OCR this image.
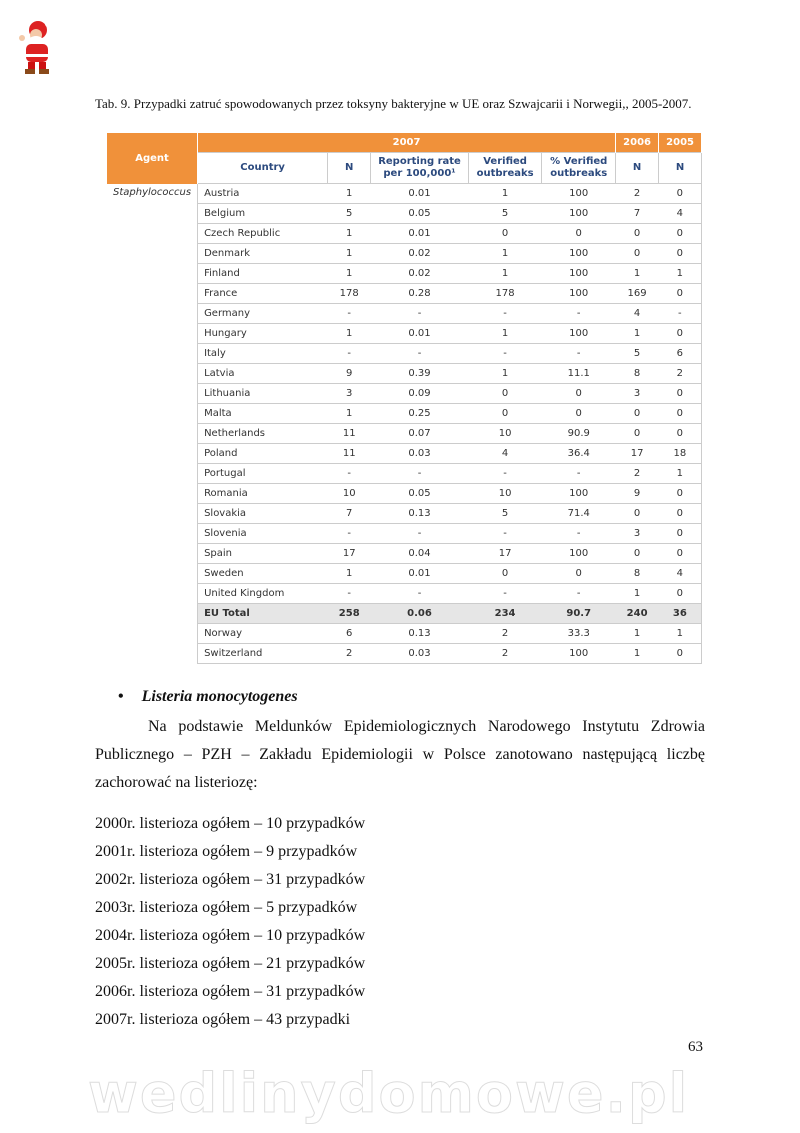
Tab. 9. Przypadki zatruć spowodowanych przez toksyny bakteryjne w UE oraz Szwajcarii i Norwegii,, 2005-2007.
Agent	2007					2006	2005
	Country	N	Reporting rate per 100,000¹	Verified outbreaks	% Verified outbreaks	N	N
Staphylococcus	Austria	1	0.01	1	100	2	0
	Belgium	5	0.05	5	100	7	4
	Czech Republic	1	0.01	0	0	0	0
	Denmark	1	0.02	1	100	0	0
	Finland	1	0.02	1	100	1	1
	France	178	0.28	178	100	169	0
	Germany	-	-	-	-	4	-
	Hungary	1	0.01	1	100	1	0
	Italy	-	-	-	-	5	6
	Latvia	9	0.39	1	11.1	8	2
	Lithuania	3	0.09	0	0	3	0
	Malta	1	0.25	0	0	0	0
	Netherlands	11	0.07	10	90.9	0	0
	Poland	11	0.03	4	36.4	17	18
	Portugal	-	-	-	-	2	1
	Romania	10	0.05	10	100	9	0
	Slovakia	7	0.13	5	71.4	0	0
	Slovenia	-	-	-	-	3	0
	Spain	17	0.04	17	100	0	0
	Sweden	1	0.01	0	0	8	4
	United Kingdom	-	-	-	-	1	0
	EU Total	258	0.06	234	90.7	240	36
	Norway	6	0.13	2	33.3	1	1
	Switzerland	2	0.03	2	100	1	0
• Listeria monocytogenes
Na podstawie Meldunków Epidemiologicznych Narodowego Instytutu Zdrowia Publicznego – PZH – Zakładu Epidemiologii w Polsce zanotowano następującą liczbę zachorować na listeriozę:
2000r. listerioza ogółem – 10 przypadków
2001r. listerioza ogółem – 9 przypadków
2002r. listerioza ogółem – 31 przypadków
2003r. listerioza ogółem – 5 przypadków
2004r. listerioza ogółem – 10 przypadków
2005r. listerioza ogółem – 21 przypadków
2006r. listerioza ogółem – 31 przypadków
2007r. listerioza ogółem – 43 przypadki
63
wedlinydomowe.pl
